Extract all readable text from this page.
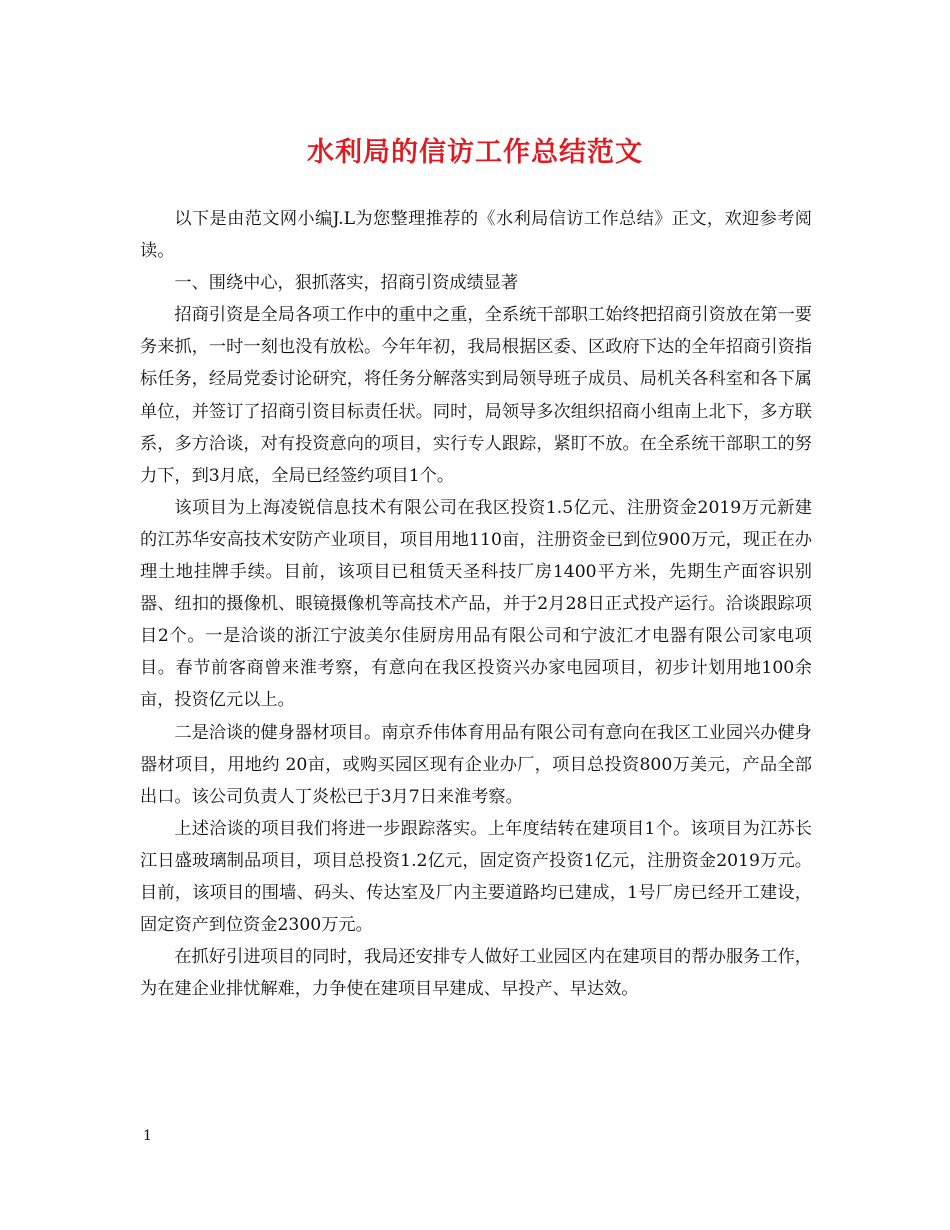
水利局的信访工作总结范文

以下是由范文网小编J.L为您整理推荐的《水利局信访工作总结》正文，欢迎参考阅读。

一、围绕中心，狠抓落实，招商引资成绩显著

招商引资是全局各项工作中的重中之重，全系统干部职工始终把招商引资放在第一要务来抓，一时一刻也没有放松。今年年初，我局根据区委、区政府下达的全年招商引资指标任务，经局党委讨论研究，将任务分解落实到局领导班子成员、局机关各科室和各下属单位，并签订了招商引资目标责任状。同时，局领导多次组织招商小组南上北下，多方联系，多方洽谈，对有投资意向的项目，实行专人跟踪，紧盯不放。在全系统干部职工的努力下，到3月底，全局已经签约项目1个。

该项目为上海凌锐信息技术有限公司在我区投资1.5亿元、注册资金2019万元新建的江苏华安高技术安防产业项目，项目用地110亩，注册资金已到位900万元，现正在办理土地挂牌手续。目前，该项目已租赁天圣科技厂房1400平方米，先期生产面容识别器、纽扣的摄像机、眼镜摄像机等高技术产品，并于2月28日正式投产运行。洽谈跟踪项目2个。一是洽谈的浙江宁波美尔佳厨房用品有限公司和宁波汇才电器有限公司家电项目。春节前客商曾来淮考察，有意向在我区投资兴办家电园项目，初步计划用地100余亩，投资亿元以上。

二是洽谈的健身器材项目。南京乔伟体育用品有限公司有意向在我区工业园兴办健身器材项目，用地约 20亩，或购买园区现有企业办厂，项目总投资800万美元，产品全部出口。该公司负责人丁炎松已于3月7日来淮考察。

上述洽谈的项目我们将进一步跟踪落实。上年度结转在建项目1个。该项目为江苏长江日盛玻璃制品项目，项目总投资1.2亿元，固定资产投资1亿元，注册资金2019万元。目前，该项目的围墙、码头、传达室及厂内主要道路均已建成，1号厂房已经开工建设，固定资产到位资金2300万元。

在抓好引进项目的同时，我局还安排专人做好工业园区内在建项目的帮办服务工作，为在建企业排忧解难，力争使在建项目早建成、早投产、早达效。

1
